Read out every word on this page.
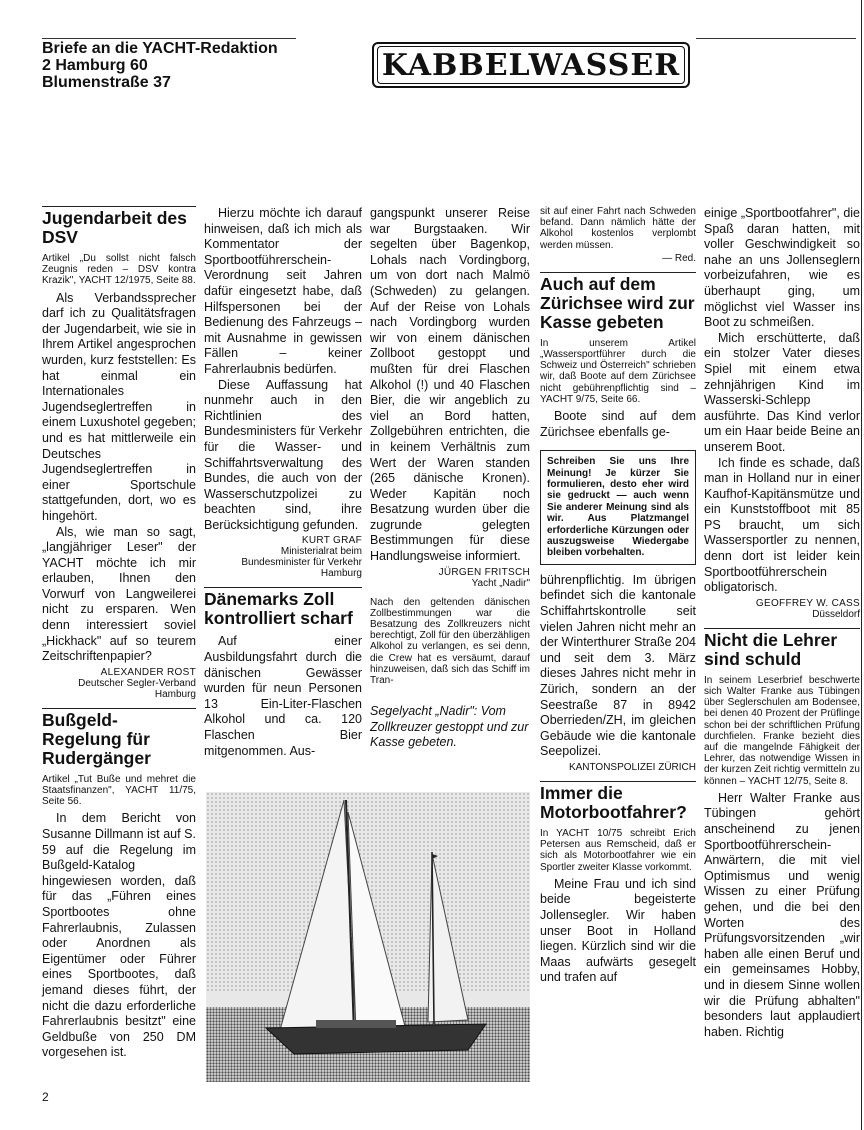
Briefe an die YACHT-Redaktion
2 Hamburg 60
Blumenstraße 37	KABBELWASSER
Jugendarbeit des DSV
Artikel „Du sollst nicht falsch Zeugnis reden – DSV kontra Krazik", YACHT 12/1975, Seite 88.

Als Verbandssprecher darf ich zu Qualitätsfragen der Jugendarbeit, wie sie in Ihrem Artikel angesprochen wurden, kurz feststellen: Es hat einmal ein Internationales Jugendseglertreffen in einem Luxushotel gegeben; und es hat mittlerweile ein Deutsches Jugendseglertreffen in einer Sportschule stattgefunden, dort, wo es hingehört.

Als, wie man so sagt, „langjähriger Leser" der YACHT möchte ich mir erlauben, Ihnen den Vorwurf von Langweilerei nicht zu ersparen. Wen denn interessiert soviel „Hickhack" auf so teurem Zeitschriftenpapier?

ALEXANDER ROST
Deutscher Segler-Verband
Hamburg
Bußgeld-Regelung für Rudergänger
Artikel „Tut Buße und mehret die Staatsfinanzen", YACHT 11/75, Seite 56.

In dem Bericht von Susanne Dillmann ist auf S. 59 auf die Regelung im Bußgeld-Katalog hingewiesen worden, daß für das „Führen eines Sportbootes ohne Fahrerlaubnis, Zulassen oder Anordnen als Eigentümer oder Führer eines Sportbootes, daß jemand dieses führt, der nicht die dazu erforderliche Fahrerlaubnis besitzt" eine Geldbuße von 250 DM vorgesehen ist.

Hierzu möchte ich darauf hinweisen, daß ich mich als Kommentator der Sportbootführerschein-Verordnung seit Jahren dafür eingesetzt habe, daß Hilfspersonen bei der Bedienung des Fahrzeugs – mit Ausnahme in gewissen Fällen – keiner Fahrerlaubnis bedürfen.

Diese Auffassung hat nunmehr auch in den Richtlinien des Bundesministers für Verkehr für die Wasser- und Schiffahrtsverwaltung des Bundes, die auch von der Wasserschutzpolizei zu beachten sind, ihre Berücksichtigung gefunden.

KURT GRAF
Ministerialrat beim
Bundesminister für Verkehr
Hamburg
Dänemarks Zoll kontrolliert scharf

Auf einer Ausbildungsfahrt durch die dänischen Gewässer wurden für neun Personen 13 Ein-Liter-Flaschen Alkohol und ca. 120 Flaschen Bier mitgenommen. Aus-

gangspunkt unserer Reise war Burgstaaken. Wir segelten über Bagenkop, Lohals nach Vordingborg, um von dort nach Malmö (Schweden) zu gelangen. Auf der Reise von Lohals nach Vordingborg wurden wir von einem dänischen Zollboot gestoppt und mußten für drei Flaschen Alkohol (!) und 40 Flaschen Bier, die wir angeblich zu viel an Bord hatten, Zollgebühren entrichten, die in keinem Verhältnis zum Wert der Waren standen (265 dänische Kronen). Weder Kapitän noch Besatzung wurden über die zugrunde gelegten Bestimmungen für diese Handlungsweise informiert.

JÜRGEN FRITSCH
Yacht „Nadir"
Nach den geltenden dänischen Zollbestimmungen war die Besatzung des Zollkreuzers nicht berechtigt, Zoll für den überzähligen Alkohol zu verlangen, es sei denn, die Crew hat es versäumt, darauf hinzuweisen, daß sich das Schiff im Tran-
Segelyacht „Nadir": Vom Zollkreuzer gestoppt und zur Kasse gebeten.
sit auf einer Fahrt nach Schweden befand. Dann nämlich hätte der Alkohol kostenlos verplombt werden müssen.
— Red.
Auch auf dem Zürichsee wird zur Kasse gebeten
In unserem Artikel „Wassersportführer durch die Schweiz und Österreich" schrieben wir, daß Boote auf dem Zürichsee nicht gebührenpflichtig sind – YACHT 9/75, Seite 66.

Boote sind auf dem Zürichsee ebenfalls ge-

Schreiben Sie uns Ihre Meinung! Je kürzer Sie formulieren, desto eher wird sie gedruckt — auch wenn Sie anderer Meinung sind als wir. Aus Platzmangel erforderliche Kürzungen oder auszugsweise Wiedergabe bleiben vorbehalten.

bührenpflichtig. Im übrigen befindet sich die kantonale Schiffahrtskontrolle seit vielen Jahren nicht mehr an der Winterthurer Straße 204 und seit dem 3. März dieses Jahres nicht mehr in Zürich, sondern an der Seestraße 87 in 8942 Oberrieden/ZH, im gleichen Gebäude wie die kantonale Seepolizei.

KANTONSPOLIZEI ZÜRICH
Immer die Motorbootfahrer?
In YACHT 10/75 schreibt Erich Petersen aus Remscheid, daß er sich als Motorbootfahrer wie ein Sportler zweiter Klasse vorkommt.

Meine Frau und ich sind beide begeisterte Jollensegler. Wir haben unser Boot in Holland liegen. Kürzlich sind wir die Maas aufwärts gesegelt und trafen auf

einige „Sportbootfahrer", die Spaß daran hatten, mit voller Geschwindigkeit so nahe an uns Jollenseglern vorbeizufahren, wie es überhaupt ging, um möglichst viel Wasser ins Boot zu schmeißen.

Mich erschütterte, daß ein stolzer Vater dieses Spiel mit einem etwa zehnjährigen Kind im Wasserski-Schlepp ausführte. Das Kind verlor um ein Haar beide Beine an unserem Boot.

Ich finde es schade, daß man in Holland nur in einer Kaufhof-Kapitänsmütze und ein Kunststoffboot mit 85 PS braucht, um sich Wassersportler zu nennen, denn dort ist leider kein Sportbootführerschein obligatorisch.

GEOFFREY W. CASS
Düsseldorf
Nicht die Lehrer sind schuld
In seinem Leserbrief beschwerte sich Walter Franke aus Tübingen über Seglerschulen am Bodensee, bei denen 40 Prozent der Prüflinge schon bei der schriftlichen Prüfung durchfielen. Franke bezieht dies auf die mangelnde Fähigkeit der Lehrer, das notwendige Wissen in der kurzen Zeit richtig vermitteln zu können – YACHT 12/75, Seite 8.

Herr Walter Franke aus Tübingen gehört anscheinend zu jenen Sportbootführerschein-Anwärtern, die mit viel Optimismus und wenig Wissen zu einer Prüfung gehen, und die bei den Worten des Prüfungsvorsitzenden „wir haben alle einen Beruf und ein gemeinsames Hobby, und in diesem Sinne wollen wir die Prüfung abhalten" besonders laut applaudiert haben. Richtig

2
